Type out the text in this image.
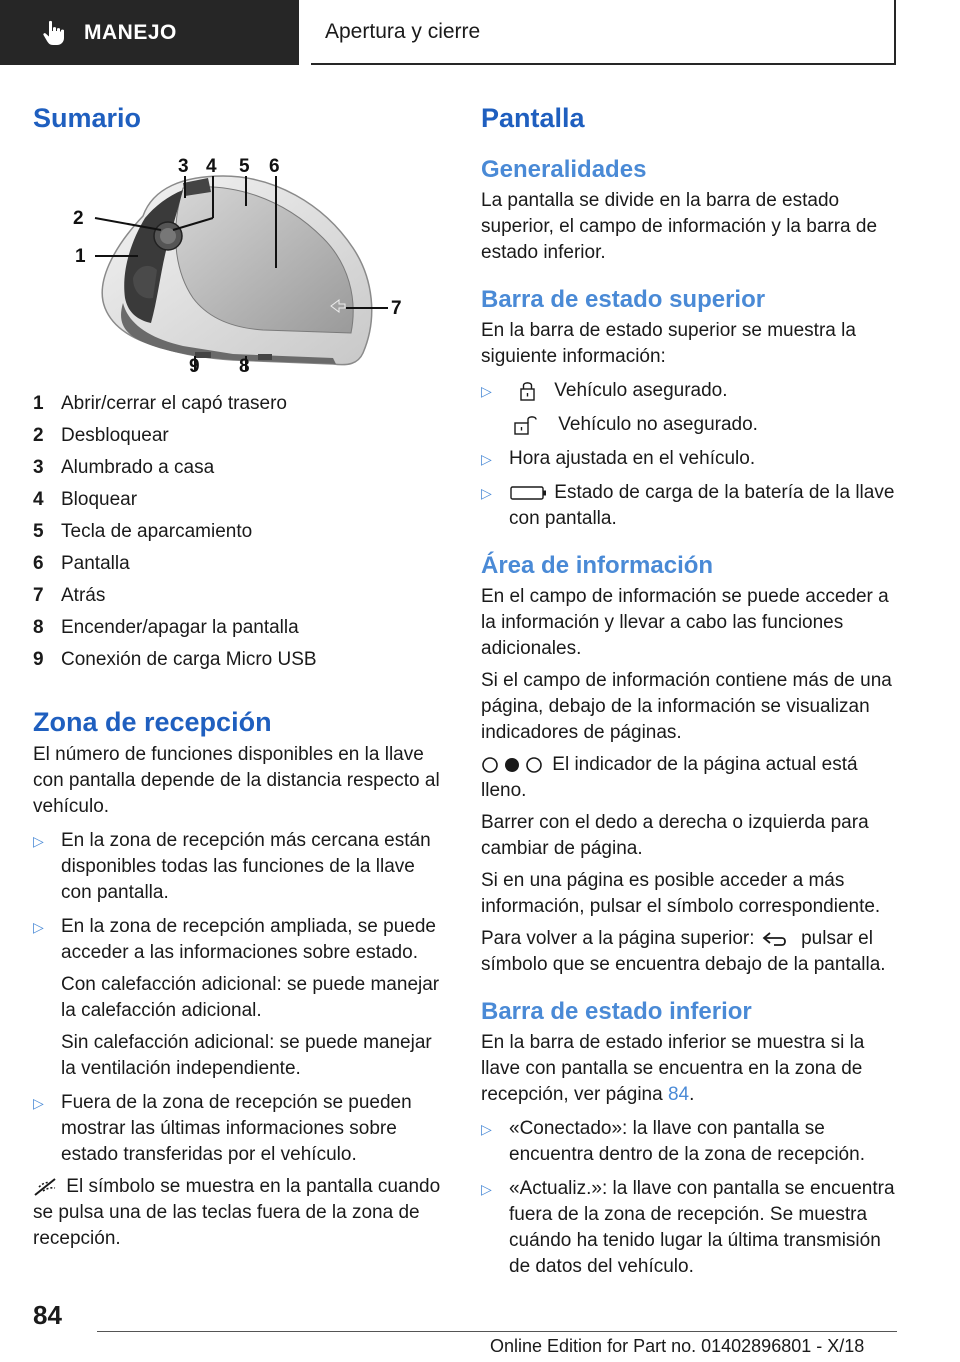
MANEJO	Apertura y cierre
Sumario
3 4 5 6
2
1
7
9 8
1 Abrir/cerrar el capó trasero
2 Desbloquear
3 Alumbrado a casa
4 Bloquear
5 Tecla de aparcamiento
6 Pantalla
7 Atrás
8 Encender/apagar la pantalla
9 Conexión de carga Micro USB
Zona de recepción

El número de funciones disponibles en la llave con pantalla depende de la distancia respecto al vehículo.

▷ En la zona de recepción más cercana están disponibles todas las funciones de la llave con pantalla.
▷ En la zona de recepción ampliada, se puede acceder a las informaciones sobre estado.

Con calefacción adicional: se puede manejar la calefacción adicional.

Sin calefacción adicional: se puede manejar la ventilación independiente.

▷ Fuera de la zona de recepción se pueden mostrar las últimas informaciones sobre estado transferidas por el vehículo.

El símbolo se muestra en la pantalla cuando se pulsa una de las teclas fuera de la zona de recepción.

Pantalla
Generalidades

La pantalla se divide en la barra de estado superior, el campo de información y la barra de estado inferior.

Barra de estado superior

En la barra de estado superior se muestra la siguiente información:

▷	Vehículo asegurado.

Vehículo no asegurado.

▷ Hora ajustada en el vehículo.
▷	Estado de carga de la batería de la llave con pantalla.
Área de información

En el campo de información se puede acceder a la información y llevar a cabo las funciones adicionales.

Si el campo de información contiene más de una página, debajo de la información se visualizan indicadores de páginas.

El indicador de la página actual está lleno.

Barrer con el dedo a derecha o izquierda para cambiar de página.

Si en una página es posible acceder a más información, pulsar el símbolo correspondiente.

Para volver a la página superior: pulsar el símbolo que se encuentra debajo de la pantalla.

Barra de estado inferior

En la barra de estado inferior se muestra si la llave con pantalla se encuentra en la zona de recepción, ver página 84.

▷ «Conectado»: la llave con pantalla se encuentra dentro de la zona de recepción.
▷ «Actualiz.»: la llave con pantalla se encuentra fuera de la zona de recepción. Se muestra cuándo ha tenido lugar la última transmisión de datos del vehículo.
84
Online Edition for Part no. 01402896801 - X/18
